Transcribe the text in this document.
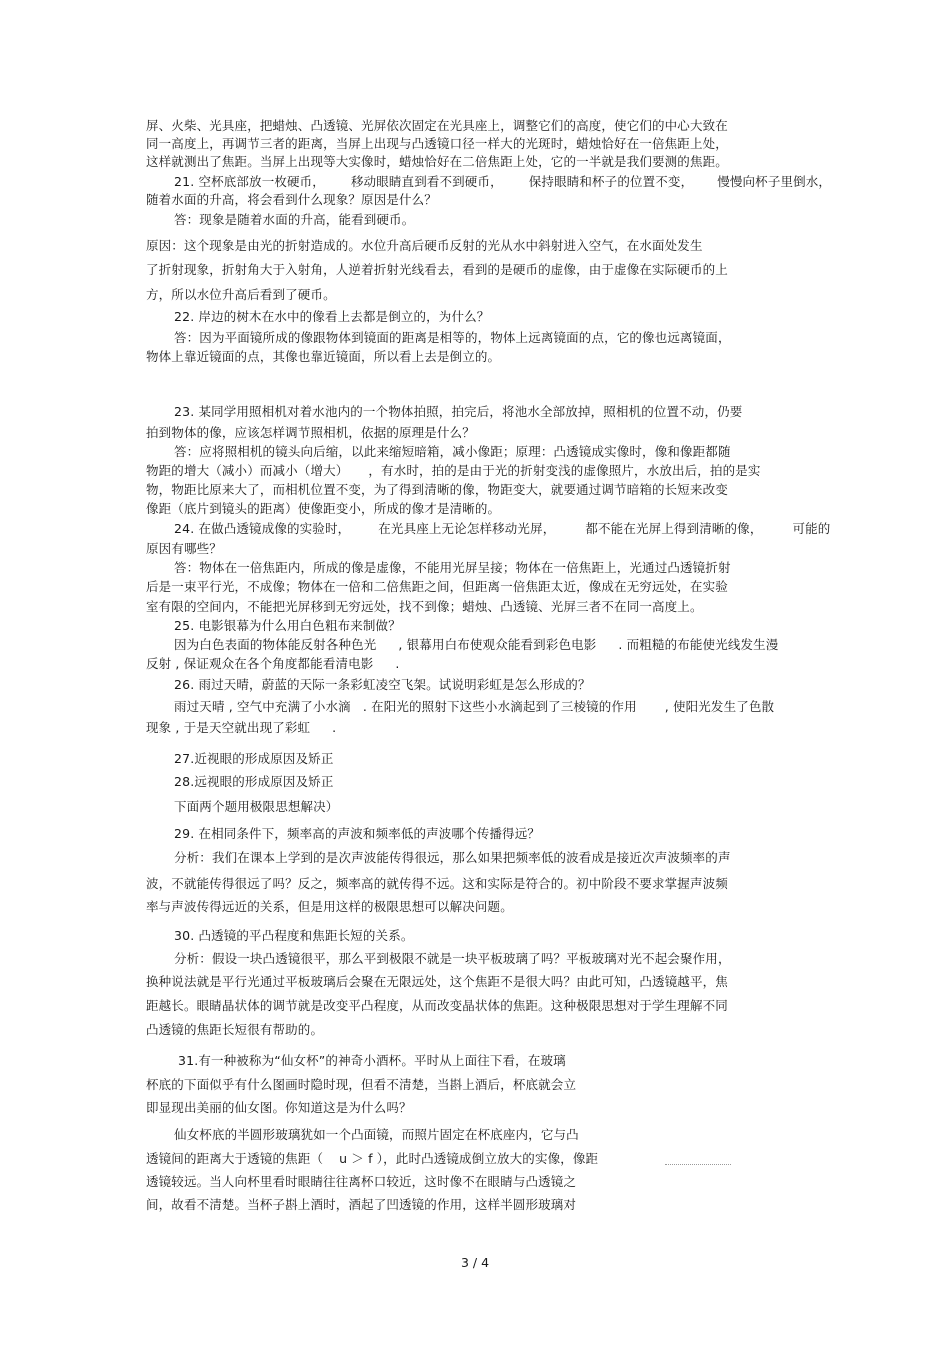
屏、火柴、光具座，把蜡烛、凸透镜、光屏依次固定在光具座上，调整它们的高度，使它们的中心大致在
同一高度上，再调节三者的距离，当屏上出现与凸透镜口径一样大的光斑时，蜡烛恰好在一倍焦距上处，
这样就测出了焦距。当屏上出现等大实像时，蜡烛恰好在二倍焦距上处，它的一半就是我们要测的焦距。
21. 空杯底部放一枚硬币， 移动眼睛直到看不到硬币， 保持眼睛和杯子的位置不变， 慢慢向杯子里倒水，
随着水面的升高，将会看到什么现象？原因是什么？
答：现象是随着水面的升高，能看到硬币。
原因：这个现象是由光的折射造成的。水位升高后硬币反射的光从水中斜射进入空气，在水面处发生
了折射现象，折射角大于入射角，人逆着折射光线看去，看到的是硬币的虚像，由于虚像在实际硬币的上
方，所以水位升高后看到了硬币。
22. 岸边的树木在水中的像看上去都是倒立的，为什么？
答：因为平面镜所成的像跟物体到镜面的距离是相等的，物体上远离镜面的点，它的像也远离镜面，
物体上靠近镜面的点，其像也靠近镜面，所以看上去是倒立的。
23. 某同学用照相机对着水池内的一个物体拍照，拍完后，将池水全部放掉，照相机的位置不动，仍要
拍到物体的像，应该怎样调节照相机，依据的原理是什么？
答：应将照相机的镜头向后缩，以此来缩短暗箱，减小像距；原理：凸透镜成实像时，像和像距都随
物距的增大（减小）而减小（增大） ，有水时，拍的是由于光的折射变浅的虚像照片，水放出后，拍的是实
物，物距比原来大了，而相机位置不变，为了得到清晰的像，物距变大，就要通过调节暗箱的长短来改变
像距（底片到镜头的距离）使像距变小，所成的像才是清晰的。
24. 在做凸透镜成像的实验时， 在光具座上无论怎样移动光屏， 都不能在光屏上得到清晰的像， 可能的
原因有哪些？
答：物体在一倍焦距内，所成的像是虚像，不能用光屏呈接；物体在一倍焦距上，光通过凸透镜折射
后是一束平行光，不成像；物体在一倍和二倍焦距之间，但距离一倍焦距太近，像成在无穷远处，在实验
室有限的空间内，不能把光屏移到无穷远处，找不到像；蜡烛、凸透镜、光屏三者不在同一高度上。
25. 电影银幕为什么用白色粗布来制做？
因为白色表面的物体能反射各种色光 , 银幕用白布使观众能看到彩色电影 . 而粗糙的布能使光线发生漫
反射 , 保证观众在各个角度都能看清电影 .
26. 雨过天晴，蔚蓝的天际一条彩虹凌空飞架。试说明彩虹是怎么形成的？
雨过天晴 , 空气中充满了小水滴 . 在阳光的照射下这些小水滴起到了三棱镜的作用 , 使阳光发生了色散
现象 , 于是天空就出现了彩虹 .
27.近视眼的形成原因及矫正
28.远视眼的形成原因及矫正
下面两个题用极限思想解决）
29. 在相同条件下，频率高的声波和频率低的声波哪个传播得远？
分析：我们在课本上学到的是次声波能传得很远，那么如果把频率低的波看成是接近次声波频率的声
波，不就能传得很远了吗？反之，频率高的就传得不远。这和实际是符合的。初中阶段不要求掌握声波频
率与声波传得远近的关系，但是用这样的极限思想可以解决问题。
30. 凸透镜的平凸程度和焦距长短的关系。
分析：假设一块凸透镜很平，那么平到极限不就是一块平板玻璃了吗？平板玻璃对光不起会聚作用，
换种说法就是平行光通过平板玻璃后会聚在无限远处，这个焦距不是很大吗？由此可知，凸透镜越平，焦
距越长。眼睛晶状体的调节就是改变平凸程度，从而改变晶状体的焦距。这种极限思想对于学生理解不同
凸透镜的焦距长短很有帮助的。
31.有一种被称为“仙女杯”的神奇小酒杯。平时从上面往下看，在玻璃
杯底的下面似乎有什么图画时隐时现，但看不清楚，当斟上酒后，杯底就会立
即显现出美丽的仙女图。你知道这是为什么吗？
仙女杯底的半圆形玻璃犹如一个凸面镜，而照片固定在杯底座内，它与凸
透镜间的距离大于透镜的焦距（ u ＞ f ），此时凸透镜成倒立放大的实像，像距
透镜较远。当人向杯里看时眼睛往往离杯口较近，这时像不在眼睛与凸透镜之
间，故看不清楚。当杯子斟上酒时，酒起了凹透镜的作用，这样半圆形玻璃对
3 / 4
